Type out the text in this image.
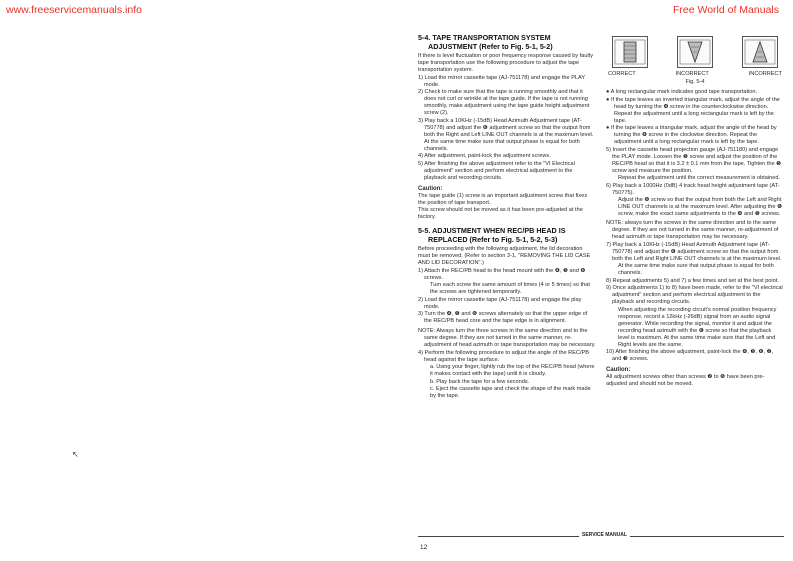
www.freeservicemanuals.info	Free World of Manuals
5-4. TAPE TRANSPORTATION SYSTEM
ADJUSTMENT (Refer to Fig. 5-1, 5-2)
If there is level fluctuation or poor frequency response caused by faulty tape transportation use the following procedure to adjust the tape transportation system.
1) Load the mirror cassette tape (AJ-751178) and engage the PLAY mode.
2) Check to make sure that the tape is running smoothly and that it does not curl or wrinkle at the tape guide. If the tape is not running smoothly, make adjustment using the tape guide height adjustment screw (2).
3) Play back a 10KHz (-15dB) Head Azimuth Adjustment tape (AT-750778) and adjust the ❻ adjustment screw so that the output from both the Right and Left LINE OUT channels is at the maximum level. At the same time make sure that output phase is equal for both channels.
4) After adjustment, paint-lock the adjustment screws.
5) After finishing the above adjustment refer to the "VI Electrical adjustment" section and perform electrical adjustment to the playback and recording circuits.
Caution:
The tape guide (1) screw is an important adjustment screw that fixes the position of tape transport.
This screw should not be moved as it has been pre-adjusted at the factory.
5-5. ADJUSTMENT WHEN REC/PB HEAD IS
REPLACED (Refer to Fig. 5-1, 5-2, 5-3)
Before proceeding with the following adjustment, the lid decoration must be removed. (Refer to section 3-1, "REMOVING THE LID CASE AND LID DECORATION".)
1) Attach the REC/PB head to the head mount with the ❹, ❺ and ❻ screws.
Turn each screw the same amount of times (4 or 5 times) so that the screws are tightened temporarily.
2) Load the mirror cassette tape (AJ-751178) and engage the play mode.
3) Turn the ❹, ❺ and ❻ screws alternately so that the upper edge of the REC/PB head core and the tape edge is in alignment.
NOTE: Always turn the three screws in the same direction and to the same degree. If they are not turned in the same manner, re-adjustment of head azimuth or tape transportation may be necessary.
4) Perform the following procedure to adjust the angle of the REC/PB head against the tape surface.
a. Using your finger, lightly rub the top of the REC/PB head (where it makes contact with the tape) until it is cloudy.
b. Play back the tape for a few seconds.
c. Eject the cassette tape and check the shape of the mark made by the tape.
CORRECT	INCORRECT	INCORRECT
Fig. 5-4
● A long rectangular mark indicates good tape transportation.
● If the tape leaves an inverted triangular mark, adjust the angle of the head by turning the ❹ screw in the counterclockwise direction. Repeat the adjustment until a long rectangular mark is left by the tape.
● If the tape leaves a triangular mark, adjust the angle of the head by turning the ❹ screw in the clockwise direction. Repeat the adjustment until a long rectangular mark is left by the tape.
5) Insert the cassette head projection gauge (AJ-751180) and engage the PLAY mode. Loosen the ❺ screw and adjust the position of the REC/PB head so that it is 3.2 ± 0.1 mm from the tape. Tighten the ❺ screw and measure the position.
Repeat the adjustment until the correct measurement is obtained.
6) Play back a 1000Hz (0dB) 4 track head height adjustment tape (AT-750775).
Adjust the ❻ screw so that the output from both the Left and Right LINE OUT channels is at the maximum level. After adjusting the ❻ screw, make the exact same adjustments to the ❹ and ❺ screws.
NOTE: always turn the screws in the same direction and to the same degree. If they are not turned in the same manner, re-adjustment of head azimuth or tape transportation may be necessary.
7) Play back a 10KHz (-15dB) Head Azimuth Adjustment tape (AT-750778) and adjust the ❻ adjustment screw so that the output from both the Left and Right LINE OUT channels is at the maximum level.
At the same time make sure that output phase is equal for both channels.
8) Repeat adjustments 5) and 7) a few times and set at the best point.
9) Once adjustments 1) to 8) have been made, refer to the "VI electrical adjustment" section and perform electrical adjustment to the playback and recording circuits.
When adjusting the recording circuit's normal position frequency response, record a 12kHz (-26dB) signal from an audio signal generator. While recording the signal, monitor it and adjust the recording head azimuth with the ❻ screw so that the playback level is maximum. At the same time make sure that the Left and Right levels are the same.
10) After finishing the above adjustment, paint-lock the ❹, ❺, ❻, ❷, and ❸ screws.
Caution:
All adjustment screws other than screws ❷ to ❻ have been pre-adjusted and should not be moved.
SERVICE MANUAL
12
↖
